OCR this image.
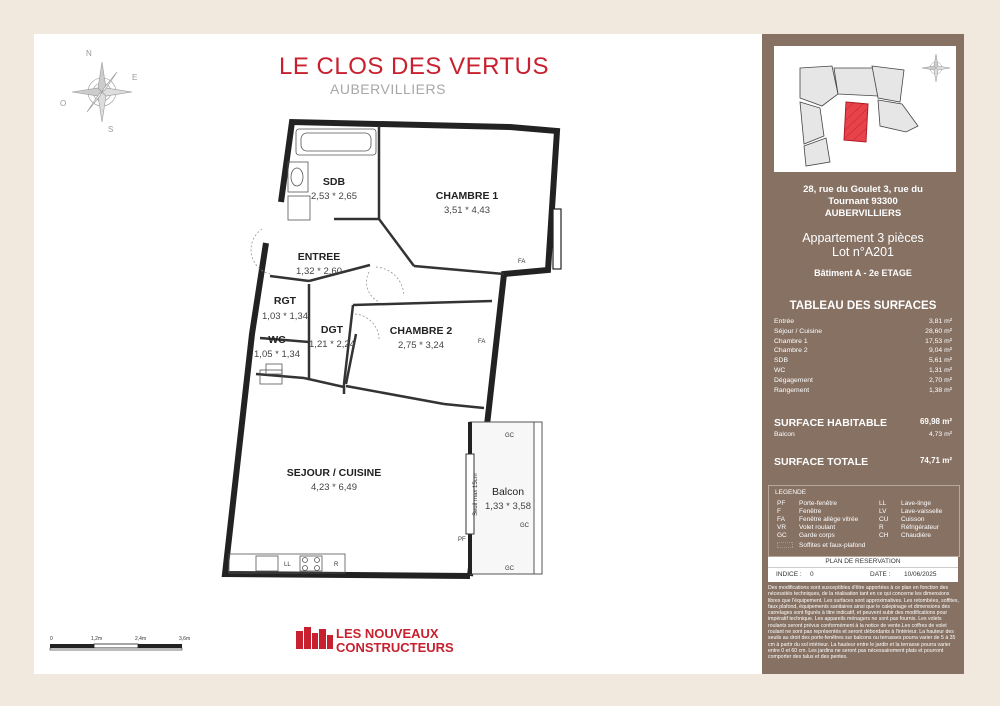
LE CLOS DES VERTUS
AUBERVILLIERS
N
E
O
S
SDB
2,53 * 2,65	CHAMBRE 1
3,51 * 4,43
ENTREE
1,32 * 2,60
RGT
1,03 * 1,34
DGT
1,21 * 2,24
WC
1,05 * 1,34
CHAMBRE 2
2,75 * 3,24
SEJOUR / CUISINE
4,23 * 6,49	Balcon
1,33 * 3,58
FA
FA
GC
GC
GC
PF
LL	R
Seuil max 15cm
0	1,2m	2,4m	3,6m	LES NOUVEAUX
CONSTRUCTEURS
28, rue du Goulet 3, rue du
Tournant 93300
AUBERVILLIERS
Appartement 3 pièces
Lot n°A201
Bâtiment A - 2e ETAGE
TABLEAU DES SURFACES
Entrée	3,81 m²
Séjour / Cuisine	28,60 m²
Chambre 1	17,53 m²
Chambre 2	9,04 m²
SDB	5,61 m²
WC	1,31 m²
Dégagement	2,70 m²
Rangement	1,38 m²
SURFACE HABITABLE	69,98 m²
Balcon	4,73 m²
SURFACE TOTALE	74,71 m²
LEGENDE
PF	Porte-fenêtre
F	Fenêtre
FA	Fenêtre allège vitrée
VR	Volet roulant
GC	Garde corps
LL	Lave-linge
LV	Lave-vaisselle
CU	Cuisson
R	Réfrigérateur
CH	Chaudière
Soffites et faux-plafond
PLAN DE RESERVATION
INDICE :	0	DATE :	10/06/2025
Des modifications sont susceptibles d'être apportées à ce plan en fonction des nécessités techniques, de la réalisation tant en ce qui concerne les dimensions libres que l'équipement. Les surfaces sont approximatives. Les retombées, soffites, faux plafond, équipements sanitaires ainsi que le calepinage et dimensions des carrelages sont figurés à titre indicatif, et peuvent subir des modifications pour impératif technique. Les appareils ménagers ne sont pas fournis. Les volets roulants seront prévus conformément à la notice de vente.Les coffres de volet roulant ne sont pas représentés et seront débordants à l'intérieur. La hauteur des seuils au droit des porte-fenêtres sur balcons ou terrasses pourra varier de 5 à 35 cm à partir du sol intérieur. La hauteur entre le jardin et la terrasse pourra varier entre 0 et 60 cm. Les jardins ne seront pas nécessairement plats et pourront comporter des talus et des pentes.
